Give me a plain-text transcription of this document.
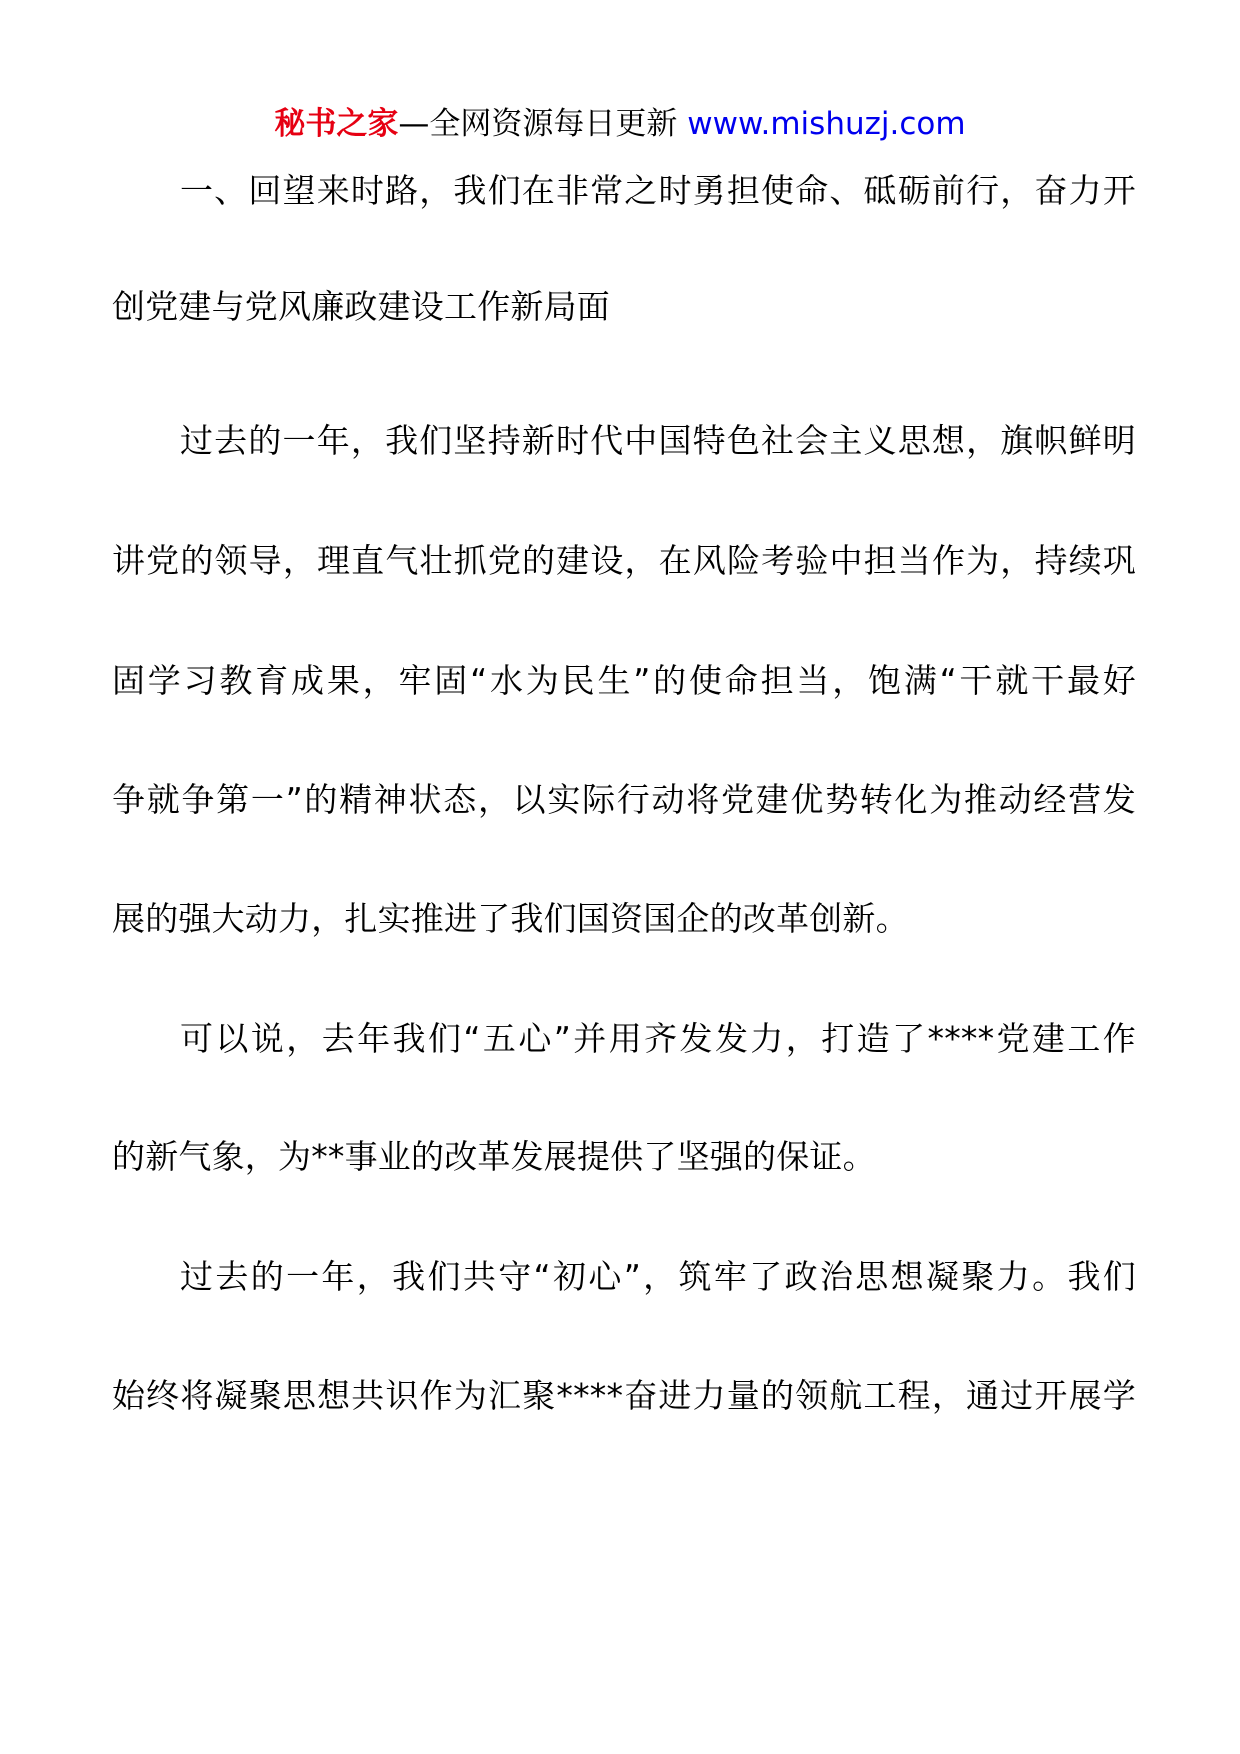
秘书之家—全网资源每日更新 www.mishuzj.com
一、回望来时路，我们在非常之时勇担使命、砥砺前行，奋力开
创党建与党风廉政建设工作新局面
过去的一年，我们坚持新时代中国特色社会主义思想，旗帜鲜明
讲党的领导，理直气壮抓党的建设，在风险考验中担当作为，持续巩
固学习教育成果，牢固“水为民生”的使命担当，饱满“干就干最好
争就争第一”的精神状态，以实际行动将党建优势转化为推动经营发
展的强大动力，扎实推进了我们国资国企的改革创新。
可以说，去年我们“五心”并用齐发发力，打造了****党建工作
的新气象，为**事业的改革发展提供了坚强的保证。
过去的一年，我们共守“初心”，筑牢了政治思想凝聚力。我们
始终将凝聚思想共识作为汇聚****奋进力量的领航工程，通过开展学
